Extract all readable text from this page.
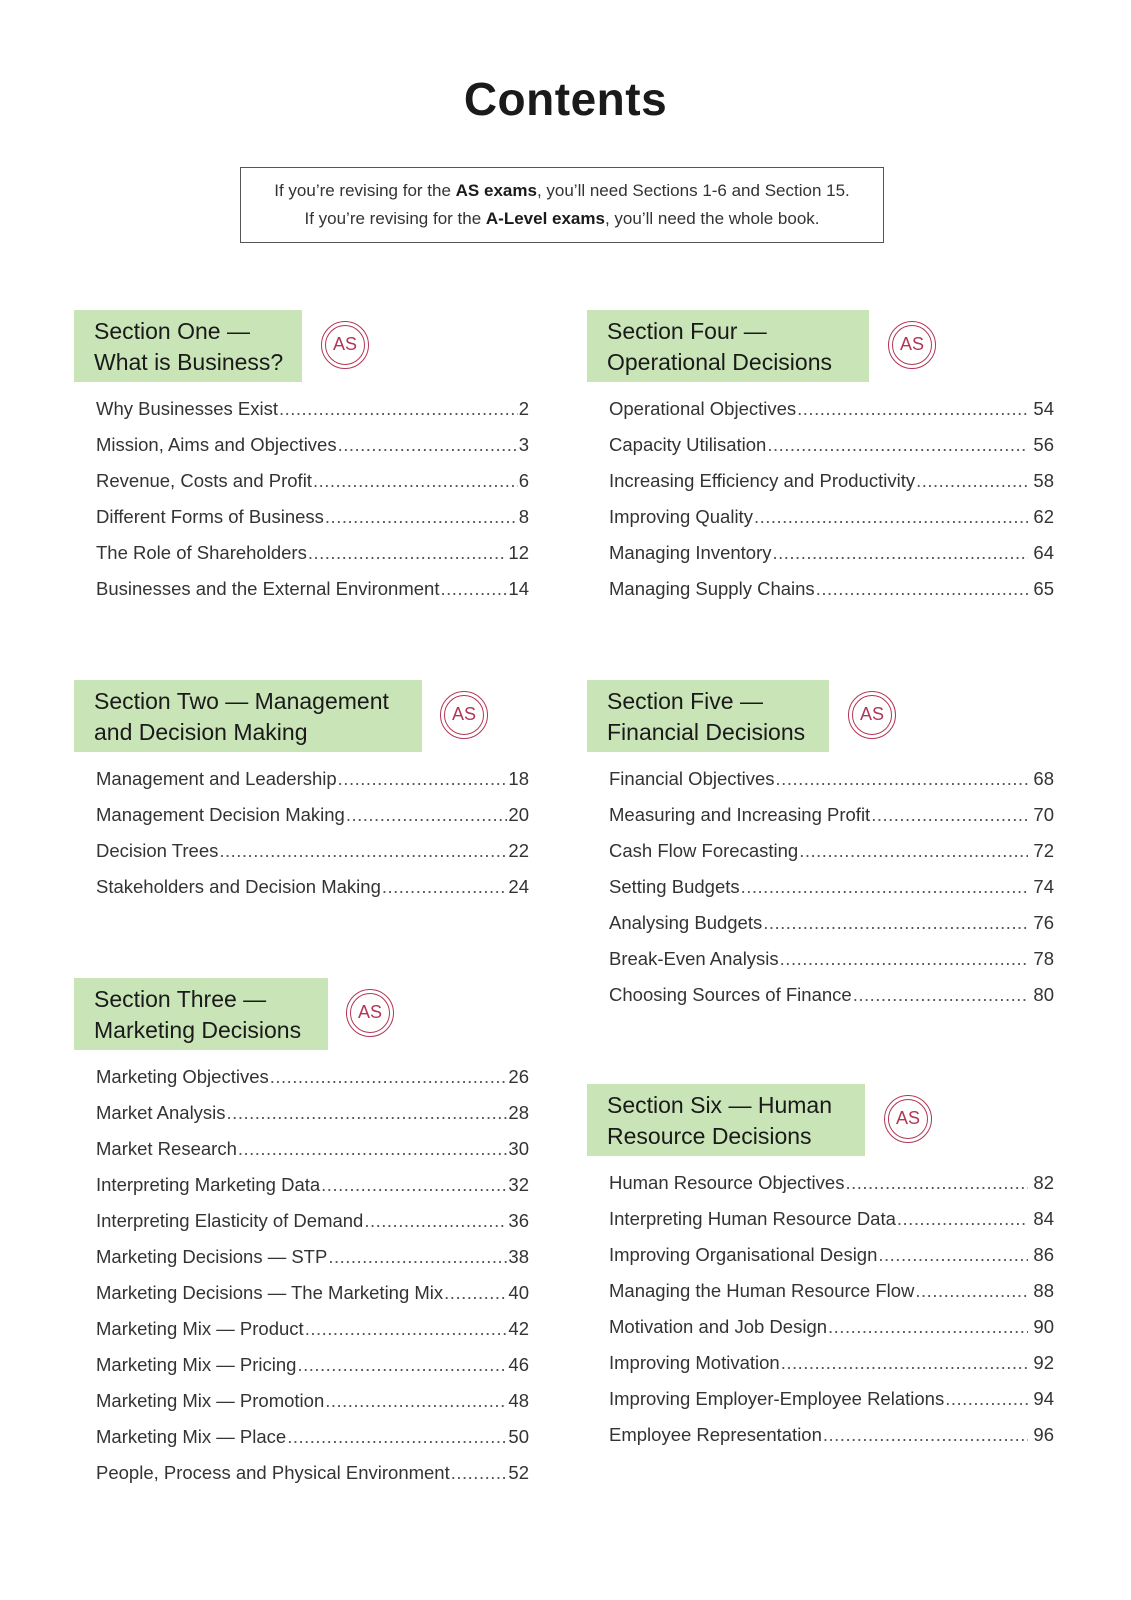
Contents
If you’re revising for the AS exams, you’ll need Sections 1-6 and Section 15.
If you’re revising for the A-Level exams, you’ll need the whole book.
Section One —
What is Business?
AS
Why Businesses Exist .....	2
Mission, Aims and Objectives .....	3
Revenue, Costs and Profit .....	6
Different Forms of Business .....	8
The Role of Shareholders .....	12
Businesses and the External Environment .....	14
Section Two — Management
and Decision Making
AS
Management and Leadership .....	18
Management Decision Making .....	20
Decision Trees .....	22
Stakeholders and Decision Making .....	24
Section Three —
Marketing Decisions
AS
Marketing Objectives .....	26
Market Analysis .....	28
Market Research .....	30
Interpreting Marketing Data .....	32
Interpreting Elasticity of Demand .....	36
Marketing Decisions — STP .....	38
Marketing Decisions — The Marketing Mix .....	40
Marketing Mix — Product .....	42
Marketing Mix — Pricing .....	46
Marketing Mix — Promotion .....	48
Marketing Mix — Place .....	50
People, Process and Physical Environment .....	52
Section Four —
Operational Decisions
AS
Operational Objectives .....	54
Capacity Utilisation .....	56
Increasing Efficiency and Productivity .....	58
Improving Quality .....	62
Managing Inventory .....	64
Managing Supply Chains .....	65
Section Five —
Financial Decisions
AS
Financial Objectives .....	68
Measuring and Increasing Profit .....	70
Cash Flow Forecasting .....	72
Setting Budgets .....	74
Analysing Budgets .....	76
Break-Even Analysis .....	78
Choosing Sources of Finance .....	80
Section Six — Human
Resource Decisions
AS
Human Resource Objectives .....	82
Interpreting Human Resource Data .....	84
Improving Organisational Design .....	86
Managing the Human Resource Flow .....	88
Motivation and Job Design .....	90
Improving Motivation .....	92
Improving Employer-Employee Relations .....	94
Employee Representation .....	96
